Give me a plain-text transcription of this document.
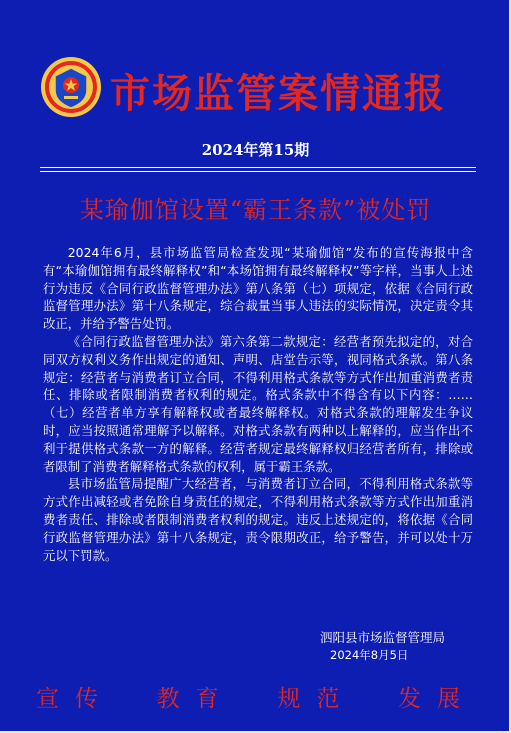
市场监管案情通报
2024年第15期
某瑜伽馆设置“霸王条款”被处罚

2024年6月，县市场监管局检查发现“某瑜伽馆”发布的宣传海报中含有“本瑜伽馆拥有最终解释权”和“本场馆拥有最终解释权”等字样，当事人上述行为违反《合同行政监督管理办法》第八条第（七）项规定，依据《合同行政监督管理办法》第十八条规定，综合裁量当事人违法的实际情况，决定责令其改正，并给予警告处罚。

《合同行政监督管理办法》第六条第二款规定：经营者预先拟定的，对合同双方权利义务作出规定的通知、声明、店堂告示等，视同格式条款。第八条规定：经营者与消费者订立合同，不得利用格式条款等方式作出加重消费者责任、排除或者限制消费者权利的规定。格式条款中不得含有以下内容：……（七）经营者单方享有解释权或者最终解释权。对格式条款的理解发生争议时，应当按照通常理解予以解释。对格式条款有两种以上解释的，应当作出不利于提供格式条款一方的解释。经营者规定最终解释权归经营者所有，排除或者限制了消费者解释格式条款的权利，属于霸王条款。

县市场监管局提醒广大经营者，与消费者订立合同，不得利用格式条款等方式作出减轻或者免除自身责任的规定，不得利用格式条款等方式作出加重消费者责任、排除或者限制消费者权利的规定。违反上述规定的，将依据《合同行政监督管理办法》第十八条规定，责令限期改正，给予警告，并可以处十万元以下罚款。

泗阳县市场监督管理局
2024年8月5日
宣传 教育 规范 发展
